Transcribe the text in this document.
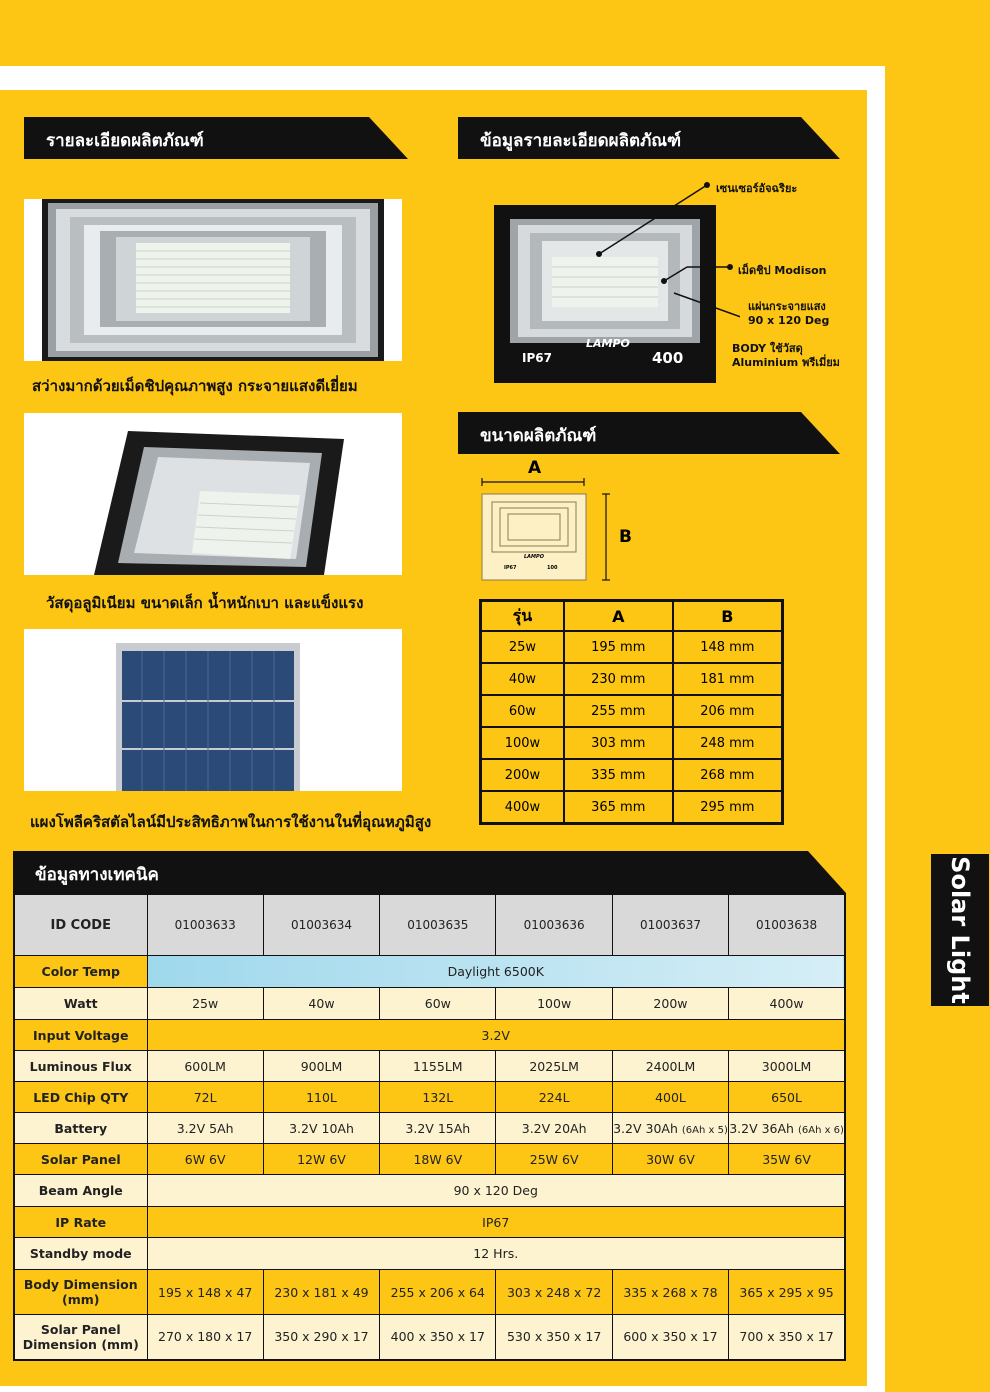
รายละเอียดผลิตภัณฑ์	ข้อมูลรายละเอียดผลิตภัณฑ์
ขนาดผลิตภัณฑ์
ข้อมูลทางเทคนิค
สว่างมากด้วยเม็ดชิปคุณภาพสูง กระจายแสงดีเยี่ยม
วัสดุอลูมิเนียม ขนาดเล็ก น้ำหนักเบา และแข็งแรง
แผงโพลีคริสตัลไลน์มีประสิทธิภาพในการใช้งานในที่อุณหภูมิสูง
LAMPO
IP67	400
เซนเซอร์อัจฉริยะ
เม็ดชิป Modison
แผ่นกระจายแสง
90 x 120 Deg
BODY ใช้วัสดุ
Aluminium พรีเมี่ยม
A
B
LAMPO
IP67	100
รุ่น	A	B
25w	195 mm	148 mm
40w	230 mm	181 mm
60w	255 mm	206 mm
100w	303 mm	248 mm
200w	335 mm	268 mm
400w	365 mm	295 mm
Solar Light
ID CODE	01003633	01003634	01003635	01003636	01003637	01003638
Color Temp	Daylight 6500K					
Watt	25w	40w	60w	100w	200w	400w
Input Voltage	3.2V					
Luminous Flux	600LM	900LM	1155LM	2025LM	2400LM	3000LM
LED Chip QTY	72L	110L	132L	224L	400L	650L
Battery	3.2V 5Ah	3.2V 10Ah	3.2V 15Ah	3.2V 20Ah	3.2V 30Ah (6Ah x 5)	3.2V 36Ah (6Ah x 6)
Solar Panel	6W 6V	12W 6V	18W 6V	25W 6V	30W 6V	35W 6V
Beam Angle	90 x 120 Deg					
IP Rate	IP67					
Standby mode	12 Hrs.					

Body Dimension
(mm)	195 x 148 x 47	230 x 181 x 49	255 x 206 x 64	303 x 248 x 72	335 x 268 x 78	365 x 295 x 95

Solar Panel
Dimension (mm)	270 x 180 x 17	350 x 290 x 17	400 x 350 x 17	530 x 350 x 17	600 x 350 x 17	700 x 350 x 17
